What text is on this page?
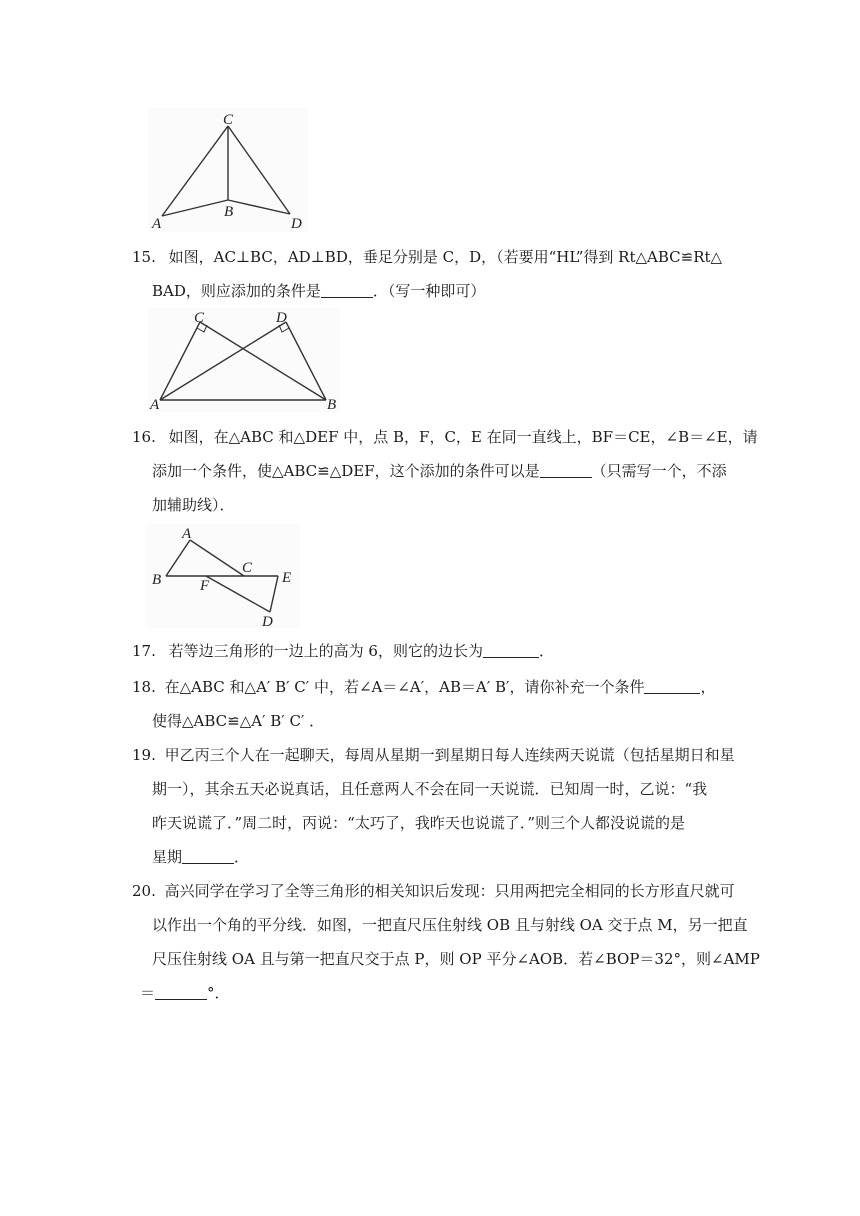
C
A
B
D
15. 如图，AC⊥BC，AD⊥BD，垂足分别是 C，D，（若要用“HL”得到 Rt△ABC≌Rt△
BAD，则应添加的条件是	．（写一种即可）
C	D
A	B
16. 如图，在△ABC 和△DEF 中，点 B，F，C，E 在同一直线上，BF＝CE，∠B＝∠E，请
添加一个条件，使△ABC≌△DEF，这个添加的条件可以是	（只需写一个，不添
加辅助线）．
A
B
C
F	E
D
17. 若等边三角形的一边上的高为 6，则它的边长为	．
18. 在△ABC 和△A′ B′ C′ 中，若∠A＝∠A′，AB＝A′ B′，请你补充一个条件	，
使得△ABC≌△A′ B′ C′ ．
19. 甲乙丙三个人在一起聊天，每周从星期一到星期日每人连续两天说谎（包括星期日和星
期一），其余五天必说真话，且任意两人不会在同一天说谎．已知周一时，乙说：“我
昨天说谎了．”周二时，丙说：“太巧了，我昨天也说谎了．”则三个人都没说谎的是
星期	．
20. 高兴同学在学习了全等三角形的相关知识后发现：只用两把完全相同的长方形直尺就可
以作出一个角的平分线．如图，一把直尺压住射线 OB 且与射线 OA 交于点 M，另一把直
尺压住射线 OA 且与第一把直尺交于点 P，则 OP 平分∠AOB．若∠BOP＝32°，则∠AMP
＝	°．
